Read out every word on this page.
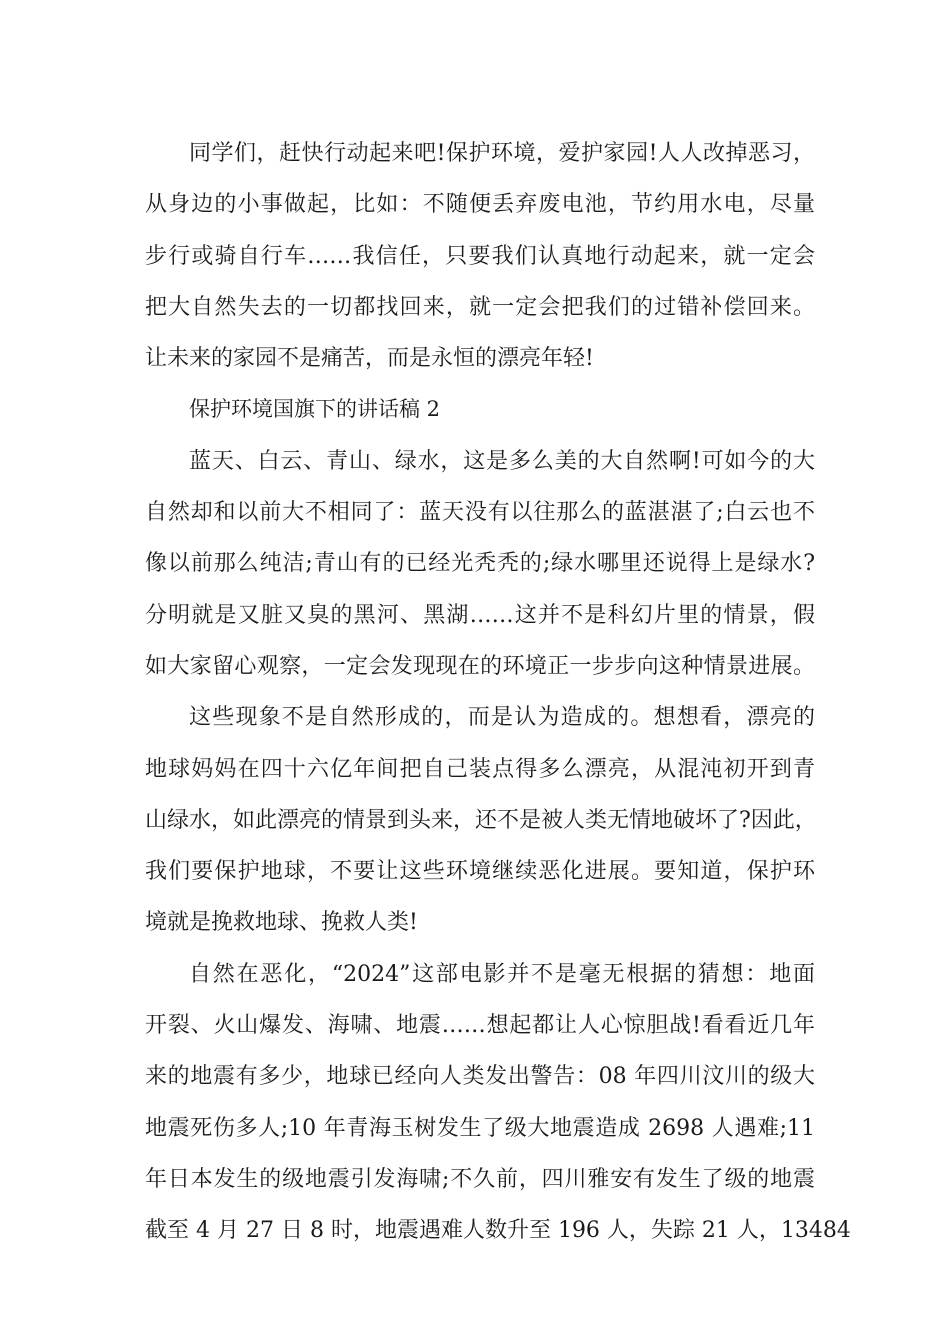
同学们，赶快行动起来吧!保护环境，爱护家园!人人改掉恶习，
从身边的小事做起，比如：不随便丢弃废电池，节约用水电，尽量
步行或骑自行车……我信任，只要我们认真地行动起来，就一定会
把大自然失去的一切都找回来，就一定会把我们的过错补偿回来。
让未来的家园不是痛苦，而是永恒的漂亮年轻!
保护环境国旗下的讲话稿 2
蓝天、白云、青山、绿水，这是多么美的大自然啊!可如今的大
自然却和以前大不相同了：蓝天没有以往那么的蓝湛湛了;白云也不
像以前那么纯洁;青山有的已经光秃秃的;绿水哪里还说得上是绿水?
分明就是又脏又臭的黑河、黑湖……这并不是科幻片里的情景，假
如大家留心观察，一定会发现现在的环境正一步步向这种情景进展。
这些现象不是自然形成的，而是认为造成的。想想看，漂亮的
地球妈妈在四十六亿年间把自己装点得多么漂亮，从混沌初开到青
山绿水，如此漂亮的情景到头来，还不是被人类无情地破坏了?因此，
我们要保护地球，不要让这些环境继续恶化进展。要知道，保护环
境就是挽救地球、挽救人类!
自然在恶化，“2024”这部电影并不是毫无根据的猜想：地面
开裂、火山爆发、海啸、地震……想起都让人心惊胆战!看看近几年
来的地震有多少，地球已经向人类发出警告：08 年四川汶川的级大
地震死伤多人;10 年青海玉树发生了级大地震造成 2698 人遇难;11
年日本发生的级地震引发海啸;不久前，四川雅安有发生了级的地震
截至 4 月 27 日 8 时，地震遇难人数升至 196 人，失踪 21 人，13484
